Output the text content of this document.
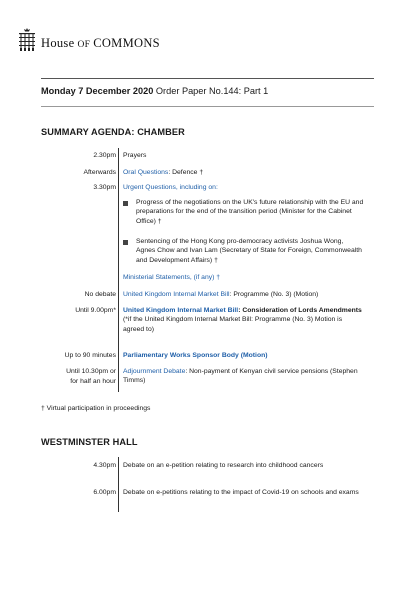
House OF COMMONS
Monday 7 December 2020 Order Paper No.144: Part 1
SUMMARY AGENDA: CHAMBER
2.30pm Prayers
Afterwards Oral Questions: Defence †
3.30pm Urgent Questions, including on:
Progress of the negotiations on the UK's future relationship with the EU and preparations for the end of the transition period (Minister for the Cabinet Office) †
Sentencing of the Hong Kong pro-democracy activists Joshua Wong, Agnes Chow and Ivan Lam (Secretary of State for Foreign, Commonwealth and Development Affairs) †
Ministerial Statements, (if any) †
No debate United Kingdom Internal Market Bill: Programme (No. 3) (Motion)
Until 9.00pm* United Kingdom Internal Market Bill: Consideration of Lords Amendments
(*if the United Kingdom Internal Market Bill: Programme (No. 3) Motion is agreed to)
Up to 90 minutes Parliamentary Works Sponsor Body (Motion)
Until 10.30pm or
for half an hour
Adjournment Debate: Non-payment of Kenyan civil service pensions (Stephen Timms)
† Virtual participation in proceedings
WESTMINSTER HALL
4.30pm Debate on an e-petition relating to research into childhood cancers
6.00pm Debate on e-petitions relating to the impact of Covid-19 on schools and exams
